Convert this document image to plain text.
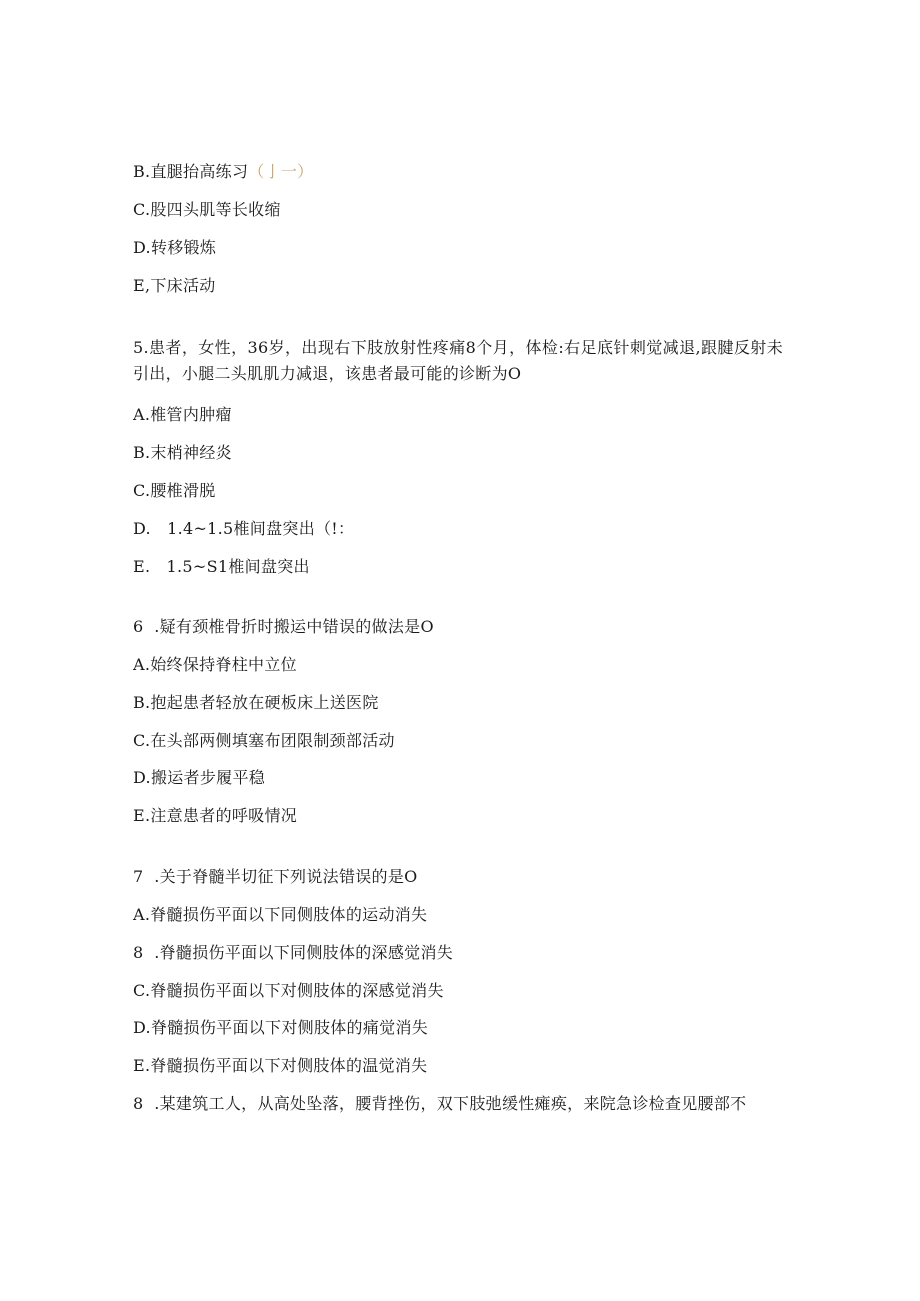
B.直腿抬高练习（亅一）
C.股四头肌等长收缩
D.转移锻炼
E,下床活动
5.患者，女性，36岁，出现右下肢放射性疼痛8个月，体检:右足底针刺觉减退,跟腱反射未引出，小腿二头肌肌力减退，该患者最可能的诊断为O
A.椎管内肿瘤
B.末梢神经炎
C.腰椎滑脱
D.   1.4~1.5椎间盘突出（!：
E.   1.5~S1椎间盘突出
6  .疑有颈椎骨折时搬运中错误的做法是O
A.始终保持脊柱中立位
B.抱起患者轻放在硬板床上送医院
C.在头部两侧填塞布团限制颈部活动
D.搬运者步履平稳
E.注意患者的呼吸情况
7  .关于脊髓半切征下列说法错误的是O
A.脊髓损伤平面以下同侧肢体的运动消失
8  .脊髓损伤平面以下同侧肢体的深感觉消失
C.脊髓损伤平面以下对侧肢体的深感觉消失
D.脊髓损伤平面以下对侧肢体的痛觉消失
E.脊髓损伤平面以下对侧肢体的温觉消失
8  .某建筑工人，从高处坠落，腰背挫伤，双下肢弛缓性瘫痪，来院急诊检查见腰部不
